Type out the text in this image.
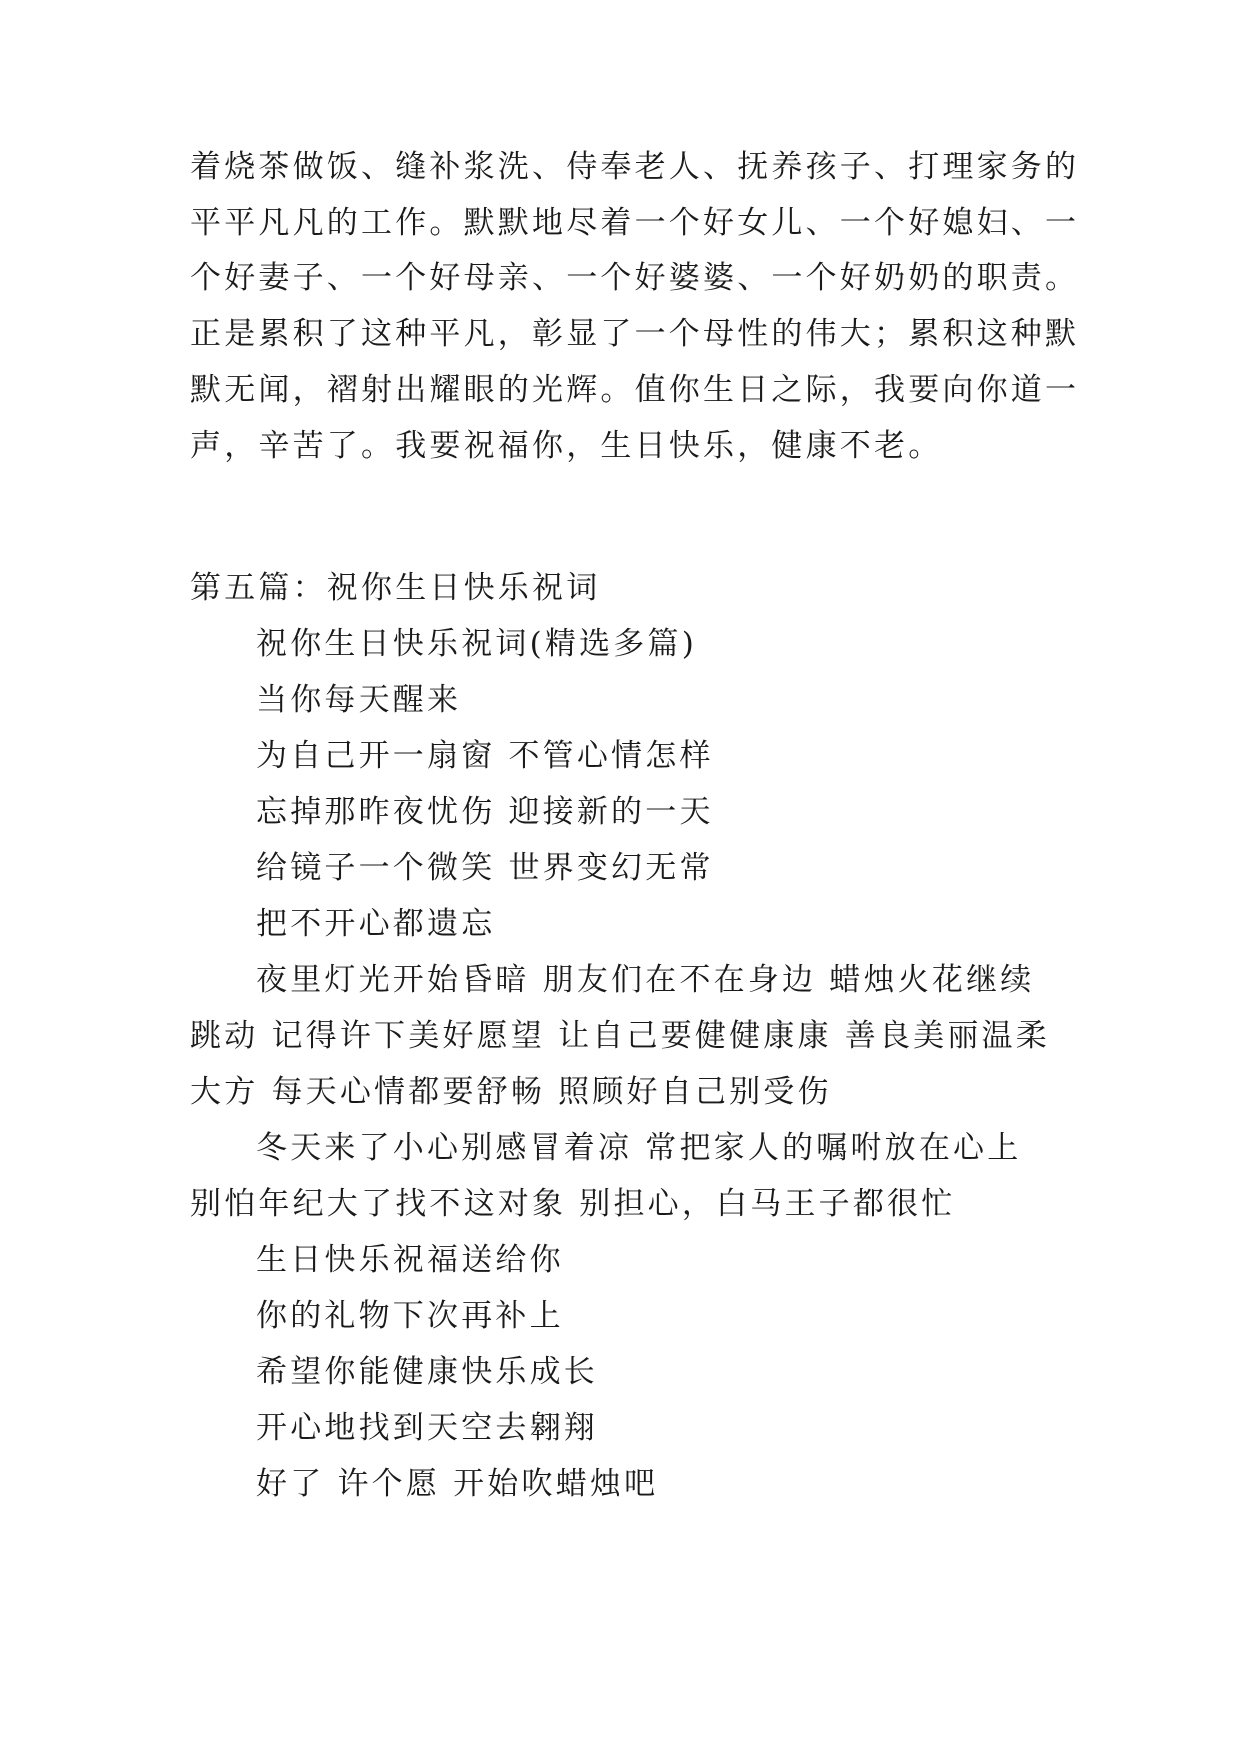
着烧茶做饭、缝补浆洗、侍奉老人、抚养孩子、打理家务的
平平凡凡的工作。默默地尽着一个好女儿、一个好媳妇、一
个好妻子、一个好母亲、一个好婆婆、一个好奶奶的职责。
正是累积了这种平凡，彰显了一个母性的伟大；累积这种默
默无闻，褶射出耀眼的光辉。值你生日之际，我要向你道一
声，辛苦了。我要祝福你，生日快乐，健康不老。
第五篇：祝你生日快乐祝词
祝你生日快乐祝词(精选多篇)
当你每天醒来
为自己开一扇窗 不管心情怎样
忘掉那昨夜忧伤 迎接新的一天
给镜子一个微笑 世界变幻无常
把不开心都遗忘
夜里灯光开始昏暗 朋友们在不在身边 蜡烛火花继续
跳动 记得许下美好愿望 让自己要健健康康 善良美丽温柔
大方 每天心情都要舒畅 照顾好自己别受伤
冬天来了小心别感冒着凉 常把家人的嘱咐放在心上
别怕年纪大了找不这对象 别担心，白马王子都很忙
生日快乐祝福送给你
你的礼物下次再补上
希望你能健康快乐成长
开心地找到天空去翱翔
好了 许个愿 开始吹蜡烛吧
